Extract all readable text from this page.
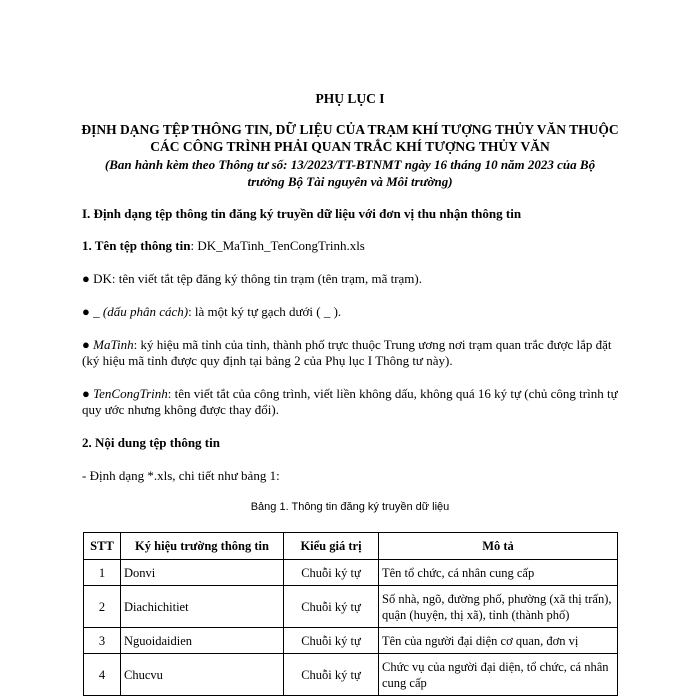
PHỤ LỤC I
ĐỊNH DẠNG TỆP THÔNG TIN, DỮ LIỆU CỦA TRẠM KHÍ TƯỢNG THỦY VĂN THUỘC
CÁC CÔNG TRÌNH PHẢI QUAN TRẮC KHÍ TƯỢNG THỦY VĂN
(Ban hành kèm theo Thông tư số: 13/2023/TT-BTNMT ngày 16 tháng 10 năm 2023 của Bộ
trưởng Bộ Tài nguyên và Môi trường)
I. Định dạng tệp thông tin đăng ký truyền dữ liệu với đơn vị thu nhận thông tin
1. Tên tệp thông tin: DK_MaTinh_TenCongTrinh.xls
● DK: tên viết tắt tệp đăng ký thông tin trạm (tên trạm, mã trạm).
● _ (dấu phân cách): là một ký tự gạch dưới ( _ ).
● MaTinh: ký hiệu mã tỉnh của tỉnh, thành phố trực thuộc Trung ương nơi trạm quan trắc được lắp đặt (ký hiệu mã tỉnh được quy định tại bảng 2 của Phụ lục I Thông tư này).
● TenCongTrinh: tên viết tắt của công trình, viết liền không dấu, không quá 16 ký tự (chủ công trình tự quy ước nhưng không được thay đổi).
2. Nội dung tệp thông tin
- Định dạng *.xls, chi tiết như bảng 1:
Bảng 1. Thông tin đăng ký truyền dữ liệu
STT	Ký hiệu trường thông tin	Kiểu giá trị	Mô tả
1	Donvi	Chuỗi ký tự	Tên tổ chức, cá nhân cung cấp
2	Diachichitiet	Chuỗi ký tự	Số nhà, ngõ, đường phố, phường (xã thị trấn), quận (huyện, thị xã), tỉnh (thành phố)
3	Nguoidaidien	Chuỗi ký tự	Tên của người đại diện cơ quan, đơn vị
4	Chucvu	Chuỗi ký tự	Chức vụ của người đại diện, tổ chức, cá nhân cung cấp
